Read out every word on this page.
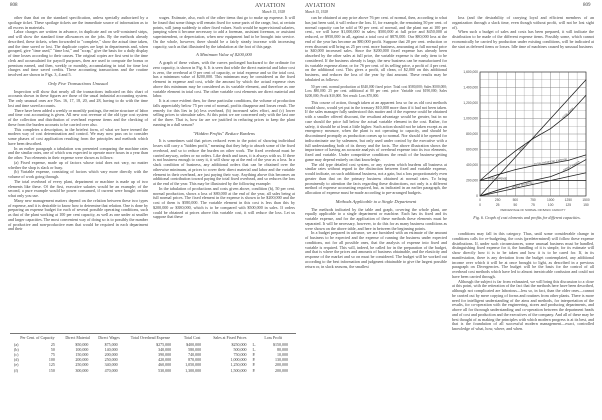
808	AVIATION
March 15, 1928
AVIATION
March 15, 1928
809

other than that on the standard specification, unless specially authorized by a spoilage ticket. These spoilage tickets are the immediate source of information as to all excess in materials.

Labor charges are written in advance, in duplicate and on self-contained strips, and will show the standard time allowances on the jobs. By the methods already described, these tickets, when forwarded to "complete," show the actual time taken, and the time saved or lost. The duplicate copies are kept in departments and, when grouped, give "time used," "time lost," and "scrap," give the basis for a daily display of time losses according to their causes. The original copies are first sent to the time clerk and accumulated for payroll purposes, then are used to compute the bonus or premium earned, and then, weekly or monthly, accumulating in total for time lost charges and time saved credits. These accounting transactions and the routine involved are shown in Figs. 3, 4 and 5.

Only Five Transactions Unusual

Inspection will show that nearly all the transactions indicated on this chart of accounts shown in these figures are those of the usual industrial accounting system. The only unusual ones are Nos. 16, 17, 18, 20, and 28, having to do with the time lost and time saved accounts.

There have been added a weekly or monthly postings, the entire structure of labor and time cost accounting is given. All new cost revenue of the old type cost system of the collection and distribution of overhead expense items and the checking of these from the burden accounts to be carried over also.

This completes a description, in the briefest form, of what we have termed the modern way of cost determination and control. We may now pass on to consider some phases of cost application resulting from the principles and methods which have been described.

In an earlier paragraph a tabulation was presented comparing the machine rates and the similar rates, one of which was expected to operate more hours in a year than the other. Two elements in their expense were shown as follows:

(a) Fixed expense, made up of factors whose total does not vary, no matter whether the shop is slack or busy.

(b) Variable expense, consisting of factors which vary more directly with the volume of work going through.

The total overhead of every plant, department or machine is made up of two elements like these. Of the first, executive salaries would be an example; of the second, a pure example would be power consumed, if current were bought certain what only you use.

Many new management matters depend on the relation between these two types of expense, and it is desirable to know how to determine that relation. One is done by preparing an expense budget for each of several possible operating conditions, such as that of the plant working at 100 per cent capacity, as well as one under at smaller and larger capacities. The most convenient way of doing so is to possibly the number of productive and non-productive men that would be required in each department and their

wages. Estimate, also, each of the other items that go to make up expense. It will be found that some things will remain fixed for some parts of the range, but, at certain points, will jump suddenly to other fixed values. Such would be supervisional salaries, jumping when it became necessary to add a foreman, assistant foreman, or assistant superintendent, or depreciation, when new equipment had to be brought into service. On the whole, however, there should be a fairly steady increase with increasing capacity, such as that illustrated by the tabulation at the foot of this page.

A Minimum Value of $200,000

A graph of these values, with the curves prolonged backward to the ordinate for zero capacity, is shown in Fig. 6. It is seen that while the direct material and labor cost is zero, the overhead at 0 per cent of capacity, or total expense and so the total cost, has a minimum value of $200,000. This minimum may be considered as the fixed element in expense and cost, while the amount by which the actual expense rises above this minimum may be considered as its variable element, and therefore as one variable element in total cost. The other variable cost elements are direct material and labor.

It is at once evident then, for these particular conditions, the volume of production falls appreciably below 75 per cent of normal, profits disappear and losses result. The remedy for this lies in (a) less overhead, (b) increased sales effort, and (c) lower selling prices to stimulate sales. At this point we are concerned only with the last one of the three. That is, how far are we justified in reducing prices to keep the plant running in a dull season?

"Hidden Profits" Reduce Burdens

It is sometimes said that prices reduced even to the point of showing individual losses still carry a "hidden profit," meaning that they help to absorb some of the fixed overhead, and so to reduce the burden on other work. The fixed overhead must be carried anyway, orders or no orders. Like death and taxes, it is always with us. If there is not business enough to carry it, it will show up at the end of the year as a loss. In a slack condition of business, any additional orders that can be obtained over the otherwise minimum, at prices to cover their direct material and labor and the variable element in their overhead, are just paying their way. Anything above this becomes an additional contribution toward paying the total fixed overhead, and so reduces the loss at the end of the year. This may be illustrated by the following example:

In the tabulation of productions and costs given above, condition (b), 50 per cent. normal production, shows a loss of $80,000 at the end of the year, all sales being at full normal prices. The fixed element in the expense is shown to be $200,000 and the cost of them is $580,000. The variable element in this cost is less than this by $200,000 or $380,000, which is to be compared with $500,000 in sales. If orders could be obtained at prices above this variable cost, it will reduce the loss. Let us suppose that these

Per Cent. of Capacity		Direct Material	Direct Wages	Total Overhead Expense	Total Cost	Sales at Fixed Prices	Loss Profit	
(a)	25	$50,000	$75,000	$275,000	$400,000	$250,000	L.	$150,000
(b)	50	100,000	140,000	340,000	580,000	500,000	L.	80,000
(c)	75	150,000	200,000	390,000	740,000	750,000	P.	10,000
(d)	100	200,000	250,000	420,000	870,000	1,000,000	P.	130,000
(e)	125	250,000	340,000	460,000	1,050,000	1,250,000	P.	200,000
(f)	150	300,000	470,000	530,000	1,300,000	1,500,000	P.	200,000

can be obtained at any price above 76 per cent. of normal, then, according to what has just been said, it will reduce the loss. If, for example, the remaining 50 per cent. of normal capacity can be sold at 90 per cent. of normal, and the plant run at 100 per cent., we will have $1,000,000 in sales; $500,000 at full price and $450,000 at reduced, or $950,000 in all, against a total cost of $870,000. Our $80,000 loss at the end of the year has become an $80,000 profit. Suppose that 20 per cent. reduction or even discount will bring us 25 per cent. more business, amounting at full normal price to $40,000 increased sales. Since the $200,000 fixed expense has already been absorbed by the other sales at full price, the variable expense is the only item to be considered. If the business already is large, the new business can be manufactured for its variable expense alone, or for 76 per cent. of its selling price, a profit of 4 per cent. on the additional cost. This gives a profit, all clean, of $2,000 on this additional business, and reduces the loss of the year by that amount. These results may be tabulated as follows:

50 per cent. normal production at $340,000 fixed price: Total cost $580,000; Sales $500,000; Loss $80,000. 25 per cent. additional at 80 per cent. price: Variable cost $190,000; Sales $200,000; Profit $10,000. Net result: Loss $70,000.

This course of action, though taken at an apparent loss so far as old cost methods would show, would yet put in the treasury $10,000 more than if it had not been taken. If the sales manager fully understood this matter and if the expense could be obtained with a smaller offered discount, the resultant advantage would be greater, but in no case should the price fall below the actual variable element in the cost. Rather, for safety, it should be at least a little higher. Such action should not be taken except as an emergency measure, when the plant is not operating to capacity, and should be discontinued promptly as production comes up to normal. Nor should it be opened for indiscriminate use by salesmen, but only used under control by the executive with a full understanding both of its theory and the facts. The above illustration shows the importance of having an accurate analysis of overhead expense into its two elements, fixed and variable. Under competitive conditions the result of the business-getting game may depend entirely on that knowledge.

The old type detailed cost system, or any system which burdens all business at similar rates without regard to the distinction between fixed and variable expense, would indicate, on such additional business, not a gain, but a loss proportionately even greater than that on the primary business obtained at normal rates. To bring prominently to attention the facts regarding these distinctions, not only is a different method of expense accounting required, but, as indicated in an earlier paragraph, the allocation of expense must be made according to pre-arranged budgets.

Methods Applicable to a Single Department

The methods indicated by the table and graph, covering the whole plant, are equally applicable to a single department or machine. Each has its fixed and its variable expense, and for the application of these methods these elements must be separated. It will be necessary, however, to do this for as many business conditions as were shown on the above table, and here in between the beginning points.

In a budget prepared in advance, we are furnished with an estimate of the amount of business to be expected and the expense of running the business under expected conditions, not for all possible ones, that the analysis of expense into fixed and variable is required. This will, indeed, be called for in the preparation of the budget, and that is where the prices and amounts of business obtainable, and the elasticity and response of the market and so on must be considered. The budget will be worked out according to the best information and judgment obtainable to give the largest possible return or, in slack seasons, the smallest

loss (and the desirability of carrying loyal and efficient members of an organization through a slack time, even though without profit, will not be lost sight of).

When such a budget of sales and costs has been prepared, it will indicate the distribution to be made of the different expense items. Possibly some, which cannot economically be carried by production under existing conditions, will be indicated at the start as deferred items or losses. Idle time of machines caused by unusual business

0
200,000
400,000
600,000
800,000
1,000,000
1,200,000
1,400,000
1,600,000
0	250	500	750	1000	1250	1500
0	25	50	75	100	125	150
PERCENTAGE OF NORMAL OR BASIC CAPACITY
SALES
TOTAL COST
TOTAL OVERHEAD EXPENSE
DIRECT WAGES
DIRECT MATERIAL
FIXED EXPENSE
Fig. 6. Graph of cost elements and profits for different capacities.

conditions may fall in this category. Thus, until some considerable change in conditions calls for re-budgeting, the costs (predetermined) will follow these expense distributions. If, under such circumstances, some unusual business must be handled, distinguishing fixed expense for it, the handling of it is simple, for its estimate will show directly how it is to be taken and how it is to be cared for. If, in its manifestation, there is any deviation from the budget contemplated, any additional income over which it will be at once brought to light, as described in a previous paragraph on Divergencies. The budget will be the basis for the control of all overhead cost methods which have led to almost inextricable confusion and could not have been carried through.

Although the subject is far from exhausted, we will bring this discussion to a close at this point, with the reiteration of the fact that the methods here have been described, although not complicated are laborious—less so, in fact, than the older ones—cannot be carried out by mere copying of forms and routines from other plants. There is more need for intelligent understanding of the aims and methods, for interpretation of the results, for co-operation with the engineering, stores and producing departments, and above all for thorough understanding and co-operation between the department heads and of cost and production and the executives of the company. And all of these may be best thought of as making the principles with which modern progress is at its best, and that is the foundation of all successful modern management—exact, controlled knowledge of what, how, where, and when.
